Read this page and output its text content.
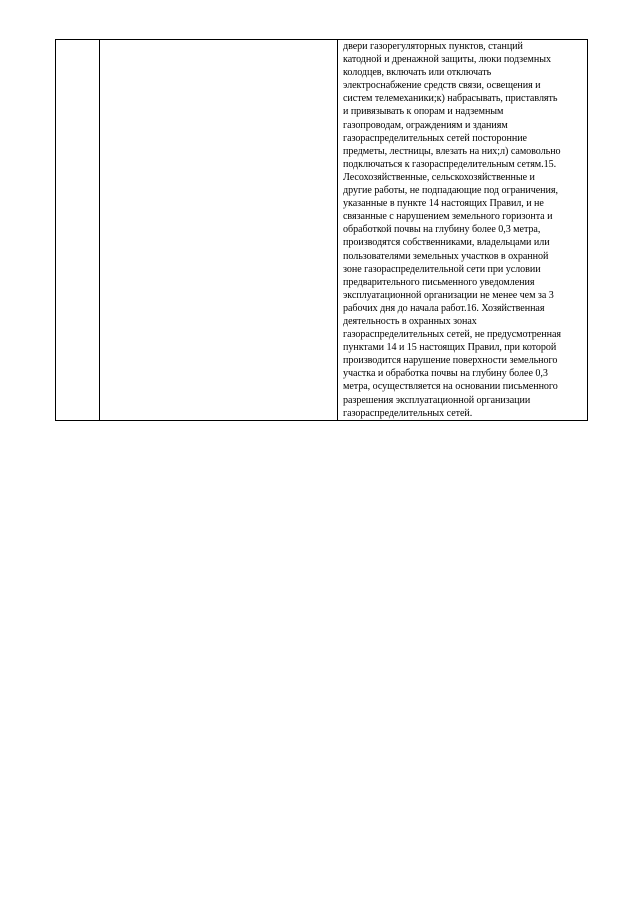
двери газорегуляторных пунктов, станций
катодной и дренажной защиты, люки подземных
колодцев, включать или отключать
электроснабжение средств связи, освещения и
систем телемеханики;к) набрасывать, приставлять
и привязывать к опорам и надземным
газопроводам, ограждениям и зданиям
газораспределительных сетей посторонние
предметы, лестницы, влезать на них;л) самовольно
подключаться к газораспределительным сетям.15.
Лесохозяйственные, сельскохозяйственные и
другие работы, не подпадающие под ограничения,
указанные в пункте 14 настоящих Правил, и не
связанные с нарушением земельного горизонта и
обработкой почвы на глубину более 0,3 метра,
производятся собственниками, владельцами или
пользователями земельных участков в охранной
зоне газораспределительной сети при условии
предварительного письменного уведомления
эксплуатационной организации не менее чем за 3
рабочих дня до начала работ.16. Хозяйственная
деятельность в охранных зонах
газораспределительных сетей, не предусмотренная
пунктами 14 и 15 настоящих Правил, при которой
производится нарушение поверхности земельного
участка и обработка почвы на глубину более 0,3
метра, осуществляется на основании письменного
разрешения эксплуатационной организации
газораспределительных сетей.
